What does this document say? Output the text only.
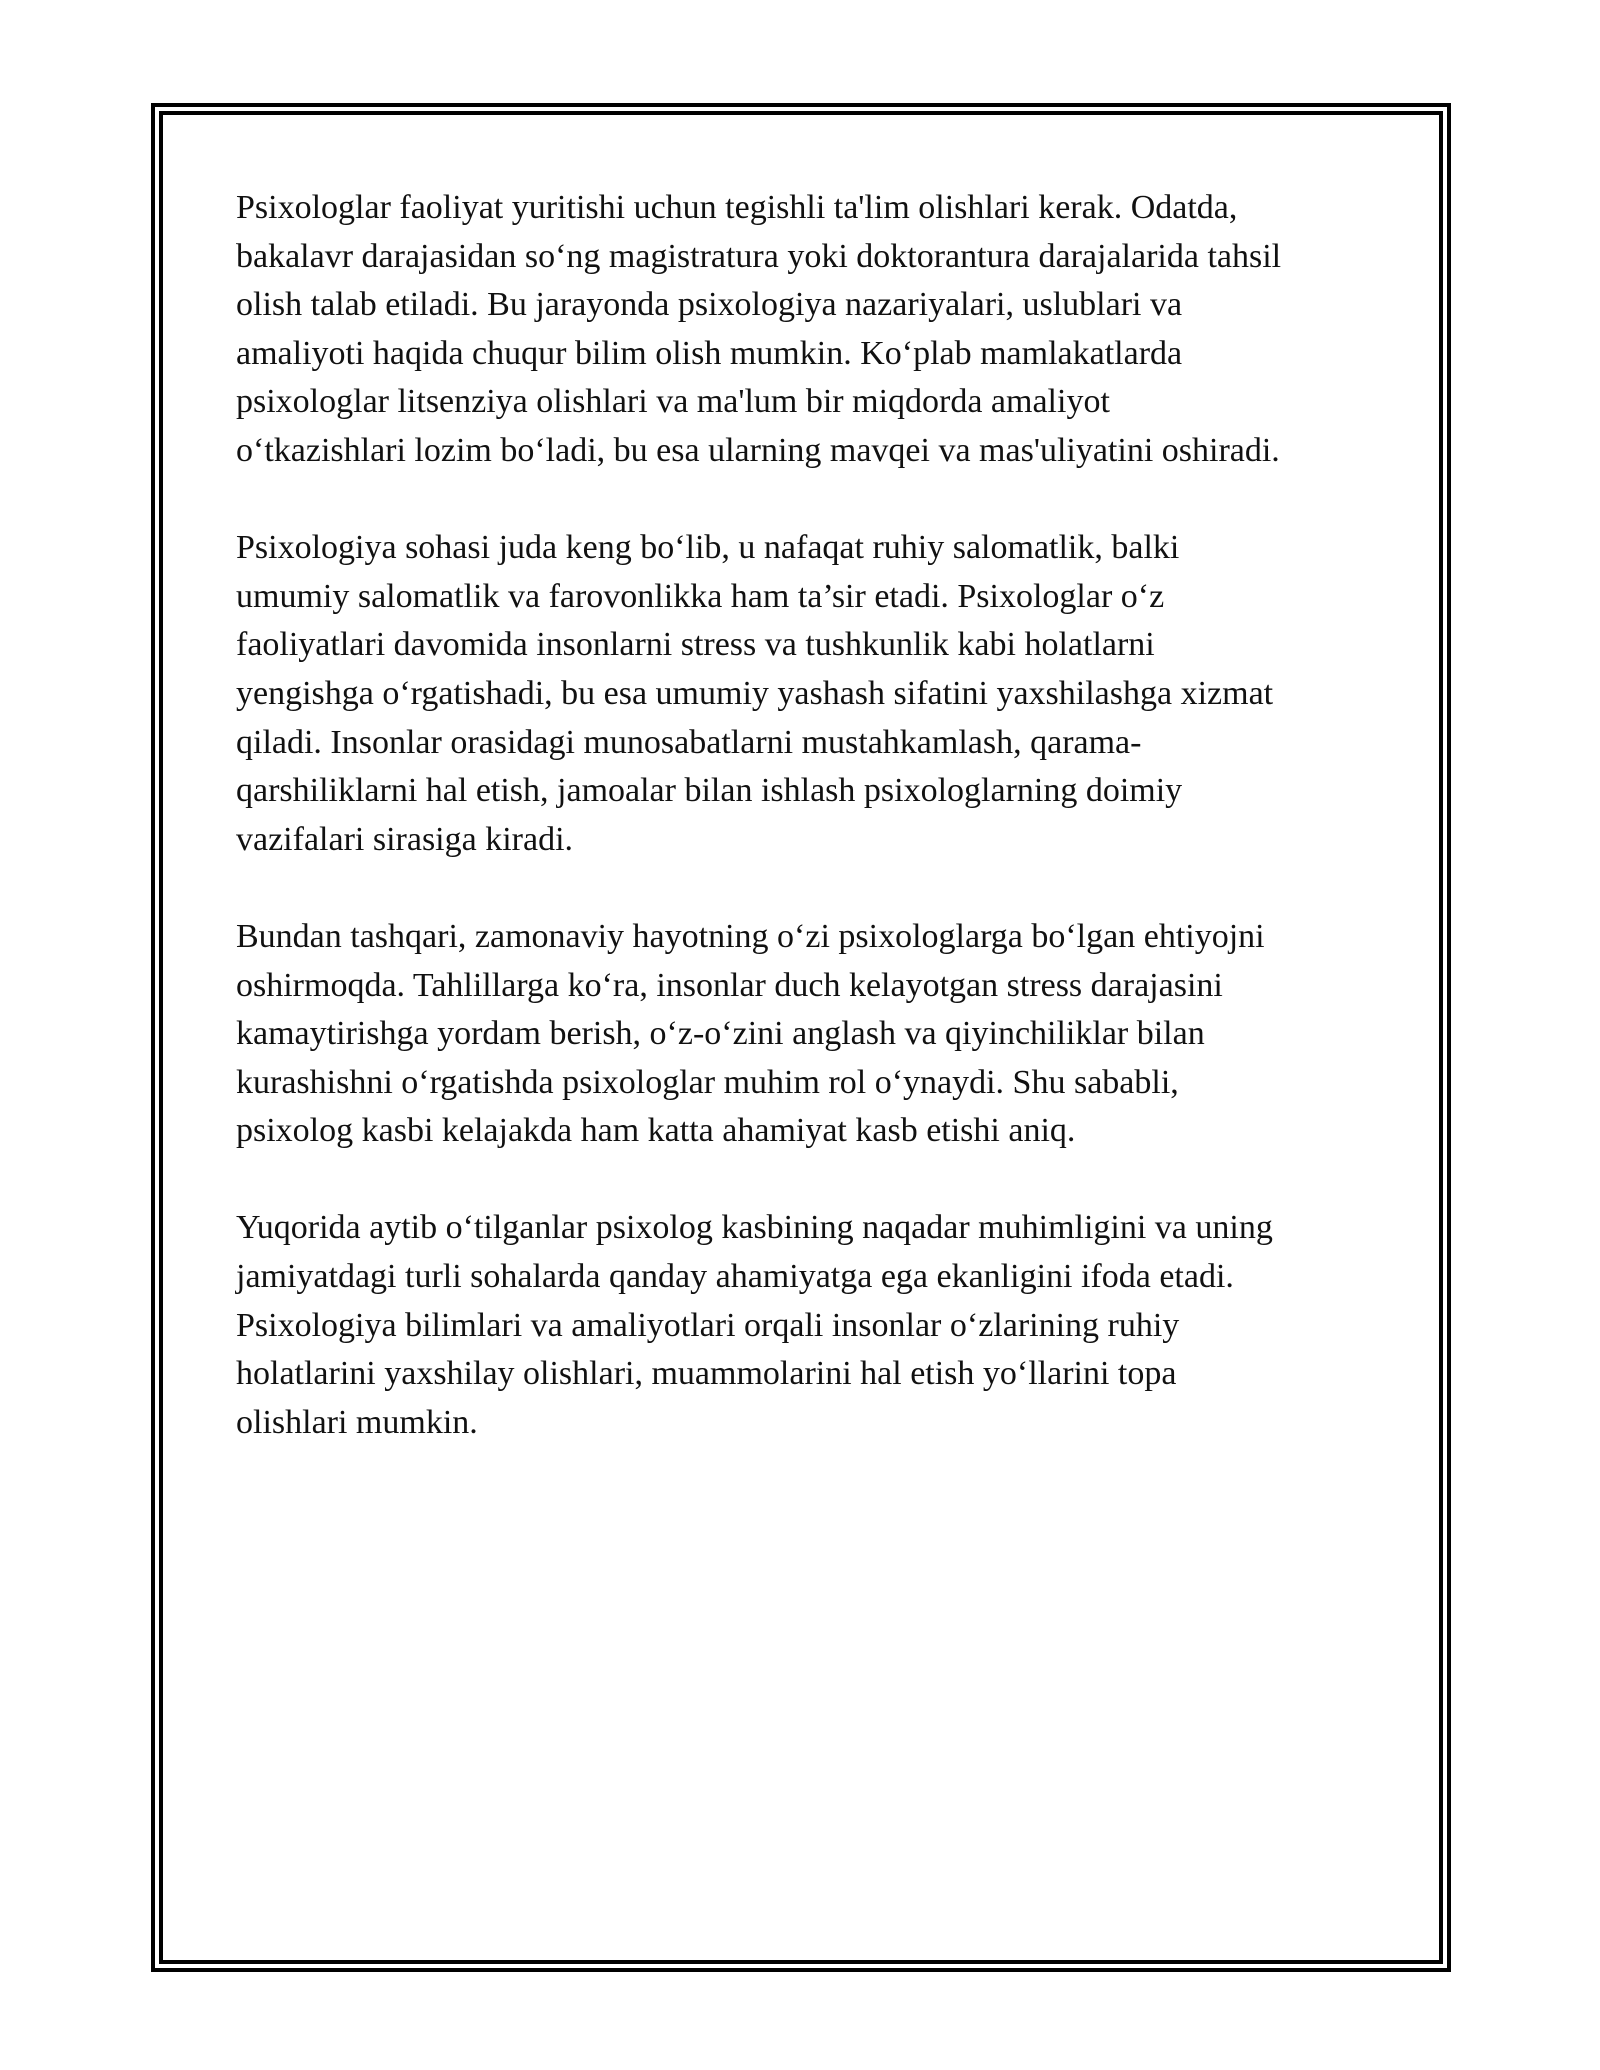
Psixologlar faoliyat yuritishi uchun tegishli ta'lim olishlari kerak. Odatda,
bakalavr darajasidan so‘ng magistratura yoki doktorantura darajalarida tahsil
olish talab etiladi. Bu jarayonda psixologiya nazariyalari, uslublari va
amaliyoti haqida chuqur bilim olish mumkin. Ko‘plab mamlakatlarda
psixologlar litsenziya olishlari va ma'lum bir miqdorda amaliyot
o‘tkazishlari lozim bo‘ladi, bu esa ularning mavqei va mas'uliyatini oshiradi.

Psixologiya sohasi juda keng bo‘lib, u nafaqat ruhiy salomatlik, balki
umumiy salomatlik va farovonlikka ham ta’sir etadi. Psixologlar o‘z
faoliyatlari davomida insonlarni stress va tushkunlik kabi holatlarni
yengishga o‘rgatishadi, bu esa umumiy yashash sifatini yaxshilashga xizmat
qiladi. Insonlar orasidagi munosabatlarni mustahkamlash, qarama-
qarshiliklarni hal etish, jamoalar bilan ishlash psixologlarning doimiy
vazifalari sirasiga kiradi.

Bundan tashqari, zamonaviy hayotning o‘zi psixologlarga bo‘lgan ehtiyojni
oshirmoqda. Tahlillarga ko‘ra, insonlar duch kelayotgan stress darajasini
kamaytirishga yordam berish, o‘z-o‘zini anglash va qiyinchiliklar bilan
kurashishni o‘rgatishda psixologlar muhim rol o‘ynaydi. Shu sababli,
psixolog kasbi kelajakda ham katta ahamiyat kasb etishi aniq.

Yuqorida aytib o‘tilganlar psixolog kasbining naqadar muhimligini va uning
jamiyatdagi turli sohalarda qanday ahamiyatga ega ekanligini ifoda etadi.
Psixologiya bilimlari va amaliyotlari orqali insonlar o‘zlarining ruhiy
holatlarini yaxshilay olishlari, muammolarini hal etish yo‘llarini topa
olishlari mumkin.
